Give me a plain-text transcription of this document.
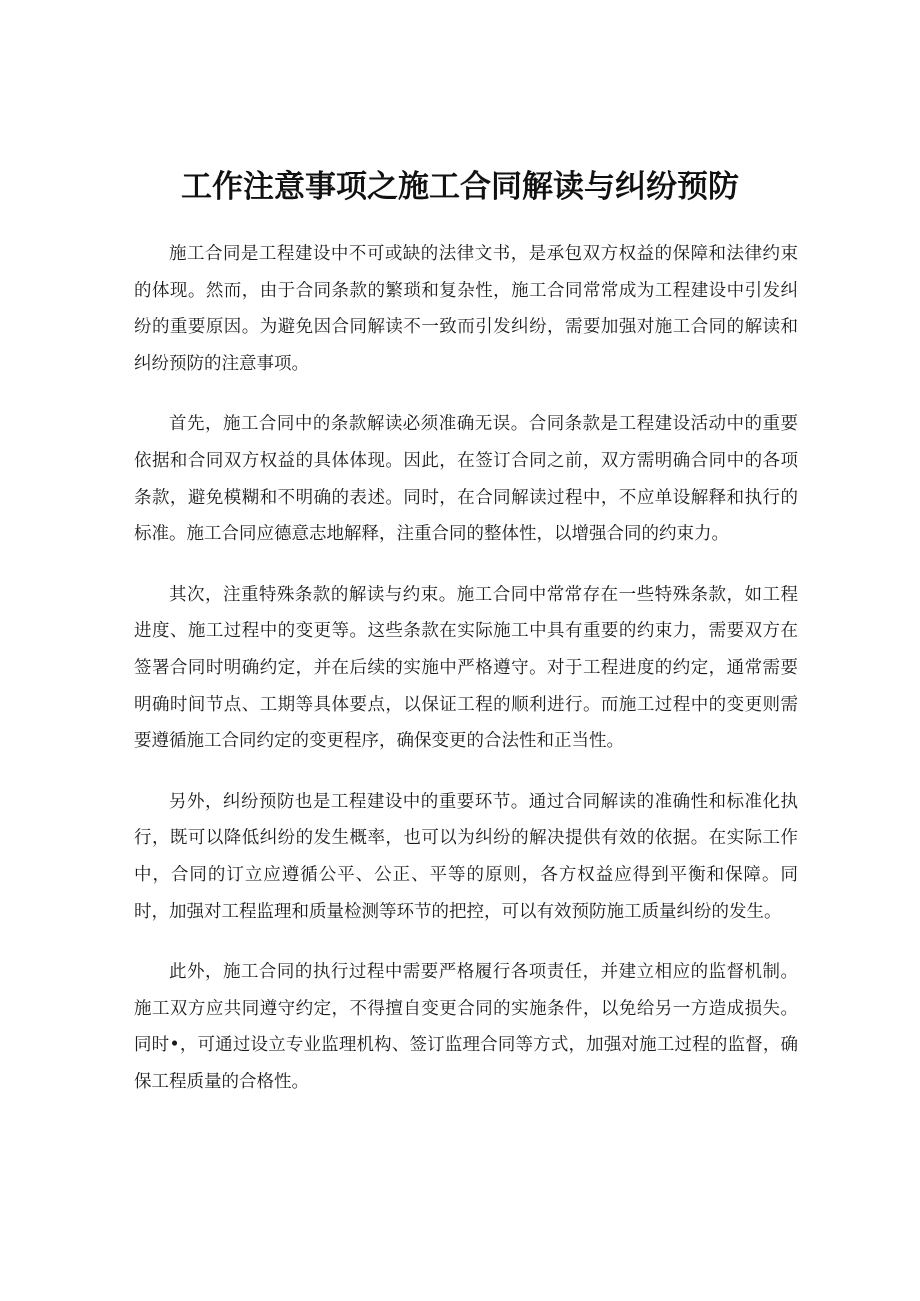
工作注意事项之施工合同解读与纠纷预防

施工合同是工程建设中不可或缺的法律文书，是承包双方权益的保障和法律约束的体现。然而，由于合同条款的繁琐和复杂性，施工合同常常成为工程建设中引发纠纷的重要原因。为避免因合同解读不一致而引发纠纷，需要加强对施工合同的解读和纠纷预防的注意事项。

首先，施工合同中的条款解读必须准确无误。合同条款是工程建设活动中的重要依据和合同双方权益的具体体现。因此，在签订合同之前，双方需明确合同中的各项条款，避免模糊和不明确的表述。同时，在合同解读过程中，不应单设解释和执行的标准。施工合同应德意志地解释，注重合同的整体性，以增强合同的约束力。

其次，注重特殊条款的解读与约束。施工合同中常常存在一些特殊条款，如工程进度、施工过程中的变更等。这些条款在实际施工中具有重要的约束力，需要双方在签署合同时明确约定，并在后续的实施中严格遵守。对于工程进度的约定，通常需要明确时间节点、工期等具体要点，以保证工程的顺利进行。而施工过程中的变更则需要遵循施工合同约定的变更程序，确保变更的合法性和正当性。

另外，纠纷预防也是工程建设中的重要环节。通过合同解读的准确性和标准化执行，既可以降低纠纷的发生概率，也可以为纠纷的解决提供有效的依据。在实际工作中，合同的订立应遵循公平、公正、平等的原则，各方权益应得到平衡和保障。同时，加强对工程监理和质量检测等环节的把控，可以有效预防施工质量纠纷的发生。

此外，施工合同的执行过程中需要严格履行各项责任，并建立相应的监督机制。施工双方应共同遵守约定，不得擅自变更合同的实施条件，以免给另一方造成损失。同时•，可通过设立专业监理机构、签订监理合同等方式，加强对施工过程的监督，确保工程质量的合格性。
